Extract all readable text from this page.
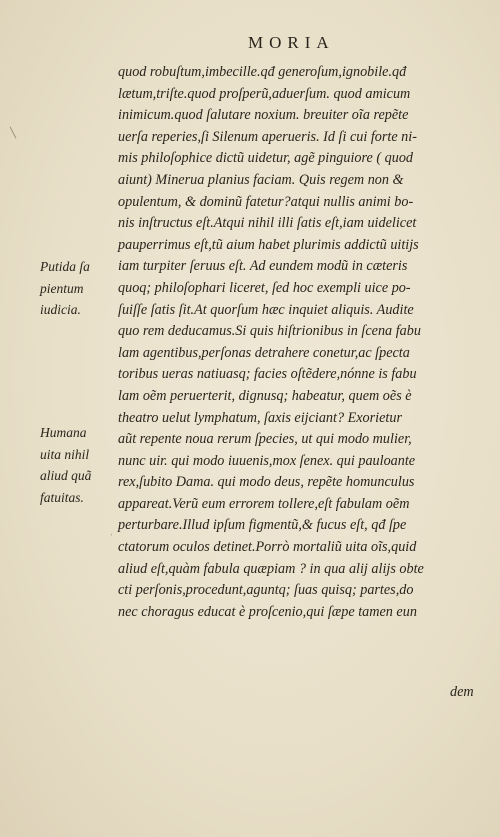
MORIA
quod robuſtum,imbecille.qđ generoſum,ignobile.qđ
lætum,triſte.quod proſperũ,aduerſum. quod amicum
inimicum.quod ſalutare noxium. breuiter oĩa repẽte
uerſa reperies,ſi Silenum aperueris. Id ſi cui forte ni-
mis philoſophice dictũ uidetur, agẽ pinguiore ( quod
aiunt) Minerua planius faciam. Quis regem non &
opulentum, & dominũ fatetur?atqui nullis animi bo-
nis inſtructus eſt.Atqui nihil illi ſatis eſt,iam uidelicet
pauperrimus eſt,tũ aium habet plurimis addictũ uitijs
iam turpiter ſeruus eſt. Ad eundem modũ in cæteris
quoq; philoſophari liceret, ſed hoc exempli uice po-
ſuiſſe ſatis ſit.At quorſum hæc inquiet aliquis. Audite
quo rem deducamus.Si quis hiſtrionibus in ſcena fabu
lam agentibus,perſonas detrahere conetur,ac ſpecta
toribus ueras natiuasq; facies oſtẽdere,nónne is fabu
lam oẽm peruerterit, dignusq; habeatur, quem oẽs è
theatro uelut lymphatum, ſaxis eijciant? Exorietur
aũt repente noua rerum ſpecies, ut qui modo mulier,
nunc uir. qui modo iuuenis,mox ſenex. qui pauloante
rex,ſubito Dama. qui modo deus, repẽte homunculus
appareat.Verũ eum errorem tollere,eſt fabulam oẽm
perturbare.Illud ipſum figmentũ,& fucus eſt, qđ ſpe
ctatorum oculos detinet.Porrò mortaliũ uita oĩs,quid
aliud eſt,quàm fabula quæpiam ? in qua alij alijs obte
cti perſonis,procedunt,aguntq; ſuas quisq; partes,do
nec choragus educat è proſcenio,qui ſæpe tamen eun
dem
Putida ſa
pientum
iudicia.
Humana
uita nihil
aliud quã
fatuitas.
╲
ˌ
